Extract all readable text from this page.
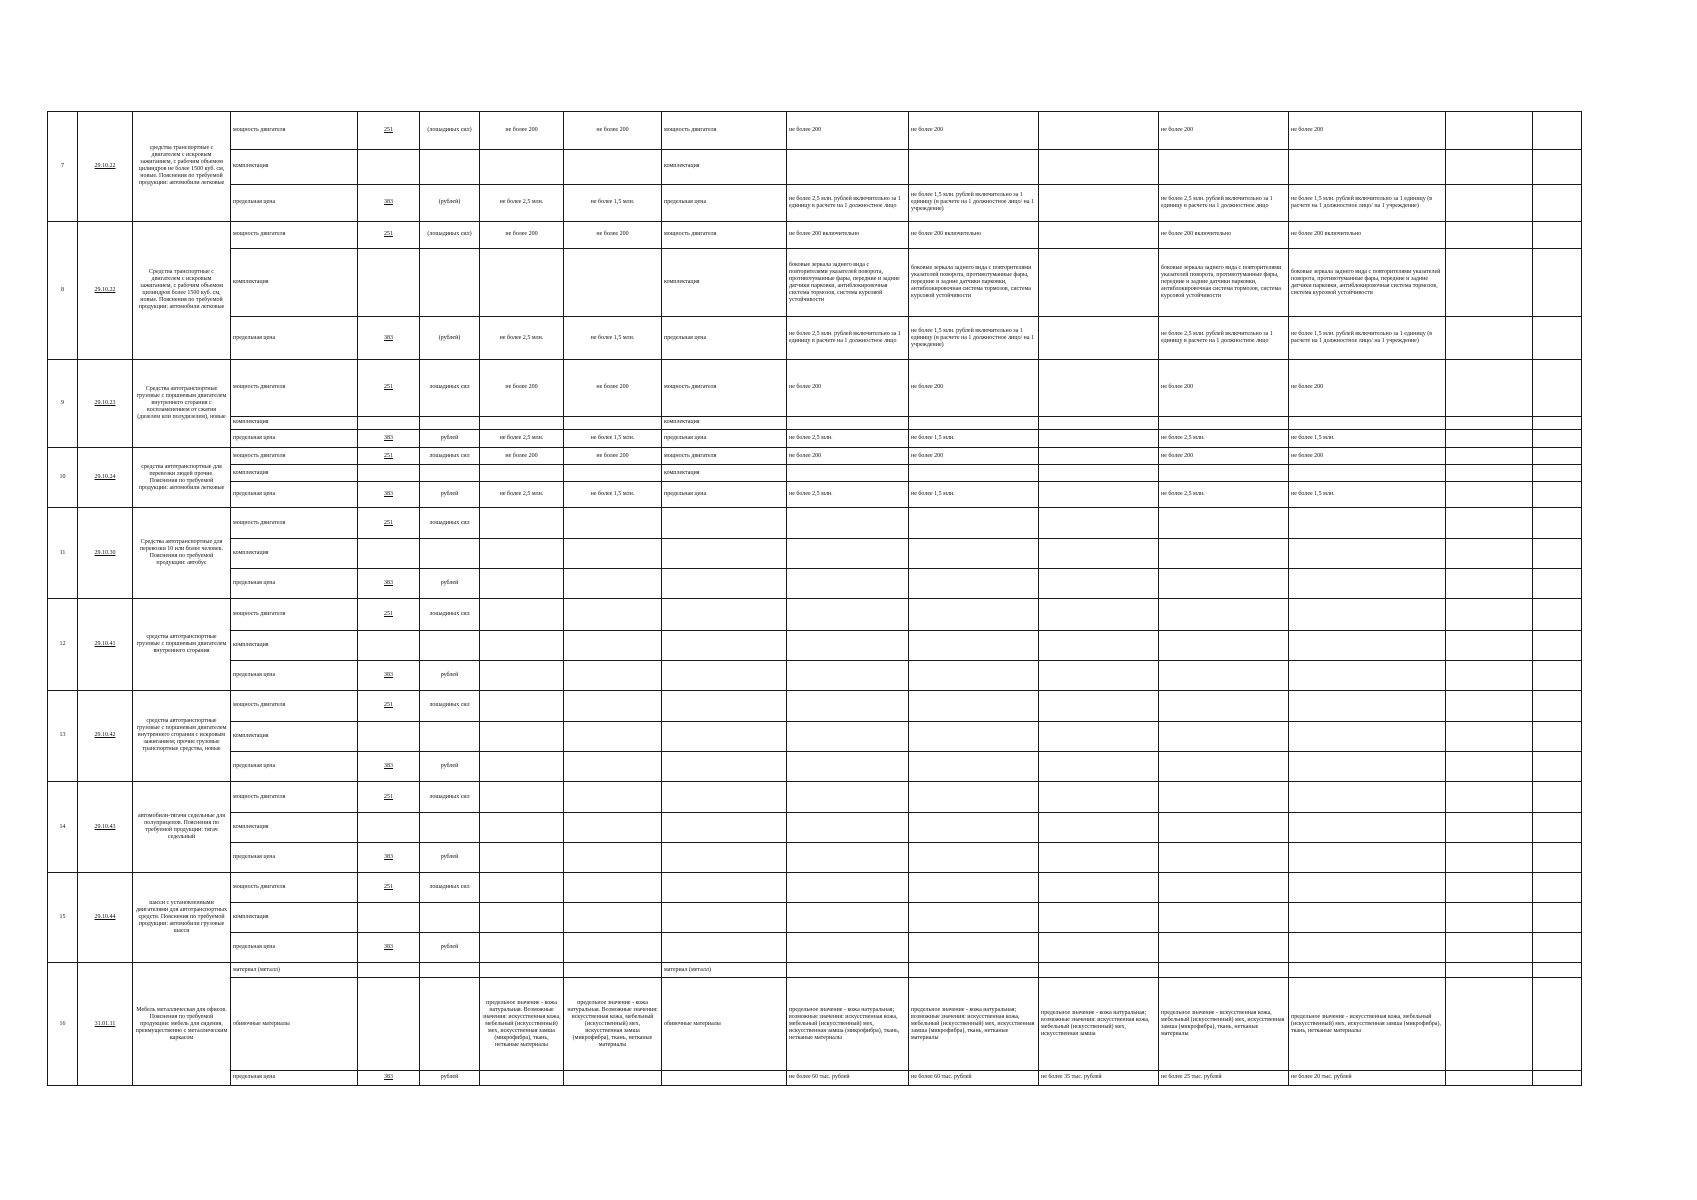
7	29.10.22	средства транспортные с двигателем с искровым зажиганием, с рабочим объемом цилиндров не более 1500 куб. см, новые. Пояснения по требуемой продукции: автомобили легковые	мощность двигателя	251	(лошадиных сил)	не более 200	не более 200	мощность двигателя	не более 200	не более 200		не более 200	не более 200		
			комплектация					комплектация							
			предельная цена	383	(рублей)	не более 2,5 млн.	не более 1,5 млн.	предельная цена	не более 2,5 млн. рублей включительно за 1 единицу в расчете на 1 должностное лицо	не более 1,5 млн. рублей включительно за 1 единицу (в расчете на 1 должностное лицо/ на 1 учреждение)		не более 2,5 млн. рублей включительно за 1 единицу в расчете на 1 должностное лицо	не более 1,5 млн. рублей включительно за 1 единицу (в расчете на 1 должностное лицо/ на 1 учреждение)		
8	29.10.22	Средства транспортные с двигателем с искровым зажиганием, с рабочим объемом цилиндров более 1500 куб. см, новые. Пояснения по требуемой продукции: автомобили легковые	мощность двигателя	251	(лошадиных сил)	не более 200	не более 200	мощность двигателя	не более 200 включительно	не более 200 включительно		не более 200 включительно	не более 200 включительно		
			комплектация					комплектация	боковые зеркала заднего вида с повторителями указателей поворота, противотуманные фары, передние и задние датчики парковки, антиблокировочная система тормозов, система курсовой устойчивости	боковые зеркала заднего вида с повторителями указателей поворота, противотуманные фары, передние и задние датчики парковки, антиблокировочная система тормозов, система курсовой устойчивости		боковые зеркала заднего вида с повторителями указателей поворота, противотуманные фары, передние и задние датчики парковки, антиблокировочная система тормозов, система курсовой устойчивости	боковые зеркала заднего вида с повторителями указателей поворота, противотуманные фары, передние и задние датчики парковки, антиблокировочная система тормозов, система курсовой устойчивости		
			предельная цена	383	(рублей)	не более 2,5 млн.	не более 1,5 млн.	предельная цена	не более 2,5 млн. рублей включительно за 1 единицу в расчете на 1 должностное лицо	не более 1,5 млн. рублей включительно за 1 единицу (в расчете на 1 должностное лицо/ на 1 учреждение)		не более 2,5 млн. рублей включительно за 1 единицу в расчете на 1 должностное лицо	не более 1,5 млн. рублей включительно за 1 единицу (в расчете на 1 должностное лицо/ на 1 учреждение)		
9	29.10.23	Средства автотранспортные грузовые с поршневым двигателем внутреннего сгорания с воспламенением от сжатия (дизелем или полудизелем), новые	мощность двигателя	251	лошадиных сил	не более 200	не более 200	мощность двигателя	не более 200	не более 200		не более 200	не более 200		
			комплектация					комплектация							
			предельная цена	383	рублей	не более 2,5 млн.	не более 1,5 млн.	предельная цена	не более 2,5 млн.	не более 1,5 млн.		не более 2,5 млн.	не более 1,5 млн.		
10	29.10.24	средства автотранспортные для перевозки людей прочие. Пояснения по требуемой продукции: автомобили легковые	мощность двигателя	251	лошадиных сил	не более 200	не более 200	мощность двигателя	не более 200	не более 200		не более 200	не более 200		
			комплектация					комплектация							
			предельная цена	383	рублей	не более 2,5 млн.	не более 1,5 млн.	предельная цена	не более 2,5 млн.	не более 1,5 млн.		не более 2,5 млн.	не более 1,5 млн.		
11	29.10.30	Средства автотранспортные для перевозки 10 или более человек. Пояснения по требуемой продукции: автобус	мощность двигателя	251	лошадиных сил										
			комплектация												
			предельная цена	383	рублей										
12	29.10.41	средства автотранспортные грузовые с поршневым двигателем внутреннего сгорания	мощность двигателя	251	лошадиных сил										
			комплектация												
			предельная цена	383	рублей										
13	29.10.42	средства автотранспортные грузовые с поршневым двигателем внутреннего сгорания с искровым зажиганием; прочие грузовые транспортные средства, новые	мощность двигателя	251	лошадиных сил										
			комплектация												
			предельная цена	383	рублей										
14	29.10.43	автомобили-тягачи седельные для полуприцепов. Пояснения по требуемой продукции: тягач седельный	мощность двигателя	251	лошадиных сил										
			комплектация												
			предельная цена	383	рублей										
15	29.10.44	шасси с установленными двигателями для автотранспортных средств. Пояснения по требуемой продукции: автомобили грузовые шасси	мощность двигателя	251	лошадиных сил										
			комплектация												
			предельная цена	383	рублей										
16	31.01.11	Мебель металлическая для офисов. Пояснения по требуемой продукции: мебель для сидения, преимущественно с металлическим каркасом	материал (металл)					материал (металл)							
			обивочные материалы			предельное значение - кожа натуральная. Возможные значения: искусственная кожа, мебельный (искусственный) мех, искусственная замша (микрофибра), ткань, нетканые материалы	предельное значение - кожа натуральная. Возможные значения: искусственная кожа, мебельный (искусственный) мех, искусственная замша (микрофибра), ткань, нетканые материалы	обивочные материалы	предельное значение - кожа натуральная; возможные значения: искусственная кожа, мебельный (искусственный) мех, искусственная замша (микрофибра), ткань, нетканые материалы	предельное значение - кожа натуральная; возможные значения: искусственная кожа, мебельный (искусственный) мех, искусственная замша (микрофибра), ткань, нетканые материалы	предельное значение - кожа натуральная; возможные значения: искусственная кожа, мебельный (искусственный) мех, искусственная замша	предельное значение - искусственная кожа, мебельный (искусственный) мех, искусственная замша (микрофибра), ткань, нетканые материалы	предельное значение - искусственная кожа, мебельный (искусственный) мех, искусственная замша (микрофибра), ткань, нетканые материалы		
			предельная цена	383	рублей				не более 60 тыс. рублей	не более 60 тыс. рублей	не более 35 тыс. рублей	не более 25 тыс. рублей	не более 20 тыс. рублей		
